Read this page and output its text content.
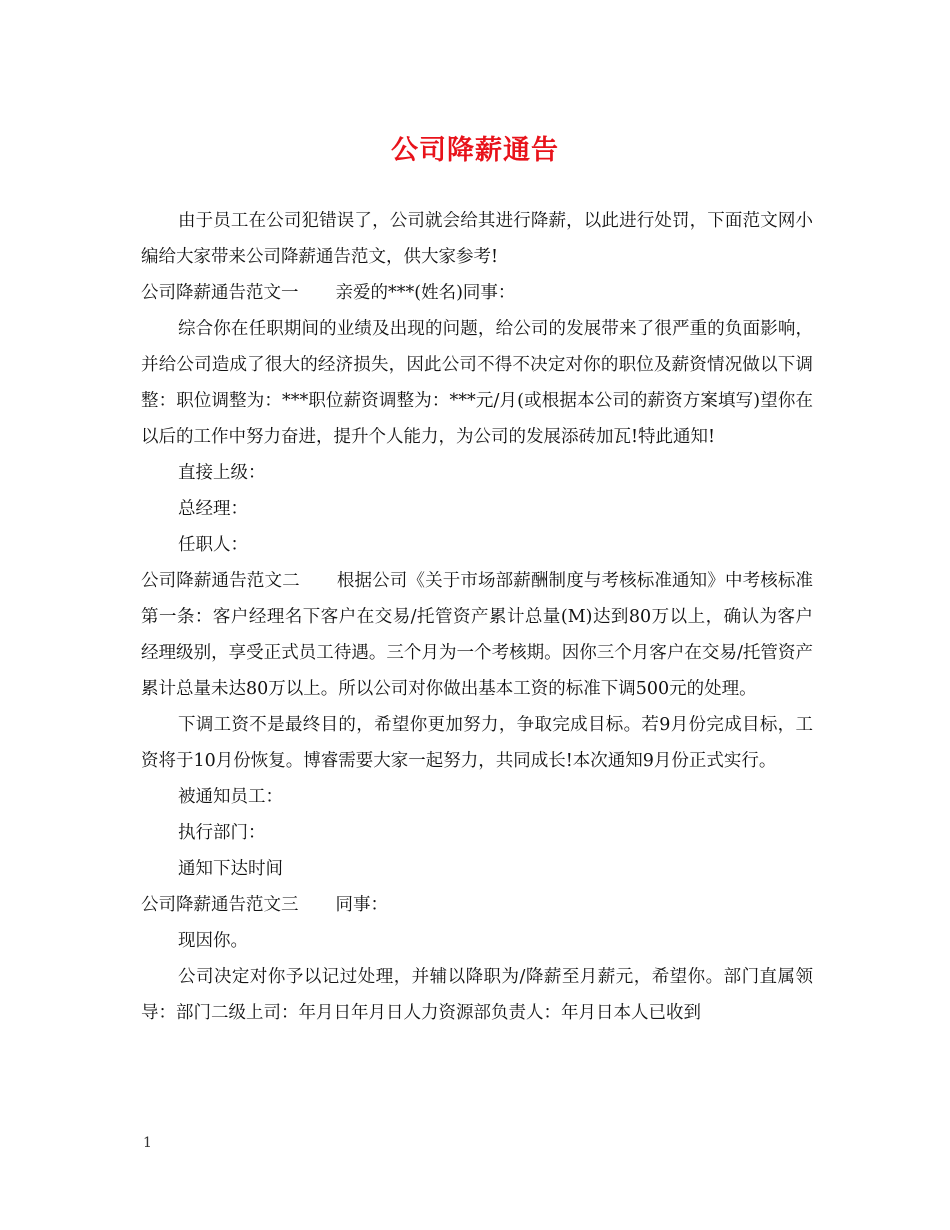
公司降薪通告

由于员工在公司犯错误了，公司就会给其进行降薪，以此进行处罚，下面范文网小编给大家带来公司降薪通告范文，供大家参考!

公司降薪通告范文一 亲爱的***(姓名)同事：

综合你在任职期间的业绩及出现的问题，给公司的发展带来了很严重的负面影响，并给公司造成了很大的经济损失，因此公司不得不决定对你的职位及薪资情况做以下调整：职位调整为：***职位薪资调整为：***元/月(或根据本公司的薪资方案填写)望你在以后的工作中努力奋进，提升个人能力，为公司的发展添砖加瓦!特此通知!

直接上级：

总经理：

任职人：

公司降薪通告范文二 根据公司《关于市场部薪酬制度与考核标准通知》中考核标准第一条：客户经理名下客户在交易/托管资产累计总量(M)达到80万以上，确认为客户经理级别，享受正式员工待遇。三个月为一个考核期。因你三个月客户在交易/托管资产累计总量未达80万以上。所以公司对你做出基本工资的标准下调500元的处理。

下调工资不是最终目的，希望你更加努力，争取完成目标。若9月份完成目标，工资将于10月份恢复。博睿需要大家一起努力，共同成长!本次通知9月份正式实行。

被通知员工：

执行部门：

通知下达时间

公司降薪通告范文三 同事：

现因你。

公司决定对你予以记过处理，并辅以降职为/降薪至月薪元，希望你。部门直属领导：部门二级上司：年月日年月日人力资源部负责人：年月日本人已收到

1
